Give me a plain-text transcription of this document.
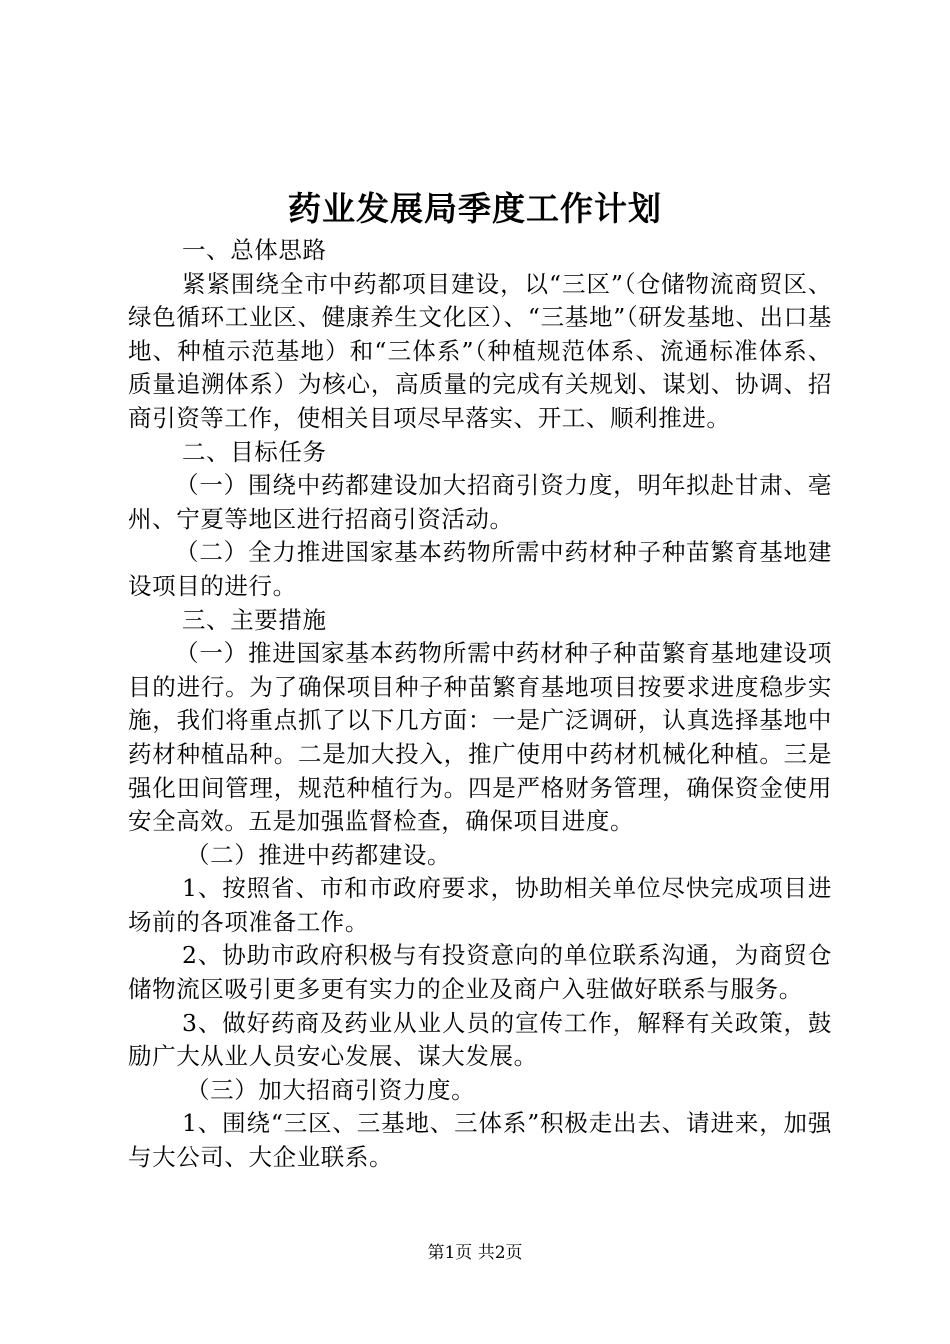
药业发展局季度工作计划

一、总体思路

紧紧围绕全市中药都项目建设，以“三区”（仓储物流商贸区、绿色循环工业区、健康养生文化区）、“三基地”（研发基地、出口基地、种植示范基地）和“三体系”（种植规范体系、流通标准体系、质量追溯体系）为核心，高质量的完成有关规划、谋划、协调、招商引资等工作，使相关目项尽早落实、开工、顺利推进。

二、目标任务

（一）围绕中药都建设加大招商引资力度，明年拟赴甘肃、亳州、宁夏等地区进行招商引资活动。

（二）全力推进国家基本药物所需中药材种子种苗繁育基地建设项目的进行。

三、主要措施

（一）推进国家基本药物所需中药材种子种苗繁育基地建设项目的进行。为了确保项目种子种苗繁育基地项目按要求进度稳步实施，我们将重点抓了以下几方面：一是广泛调研，认真选择基地中药材种植品种。二是加大投入，推广使用中药材机械化种植。三是强化田间管理，规范种植行为。四是严格财务管理，确保资金使用安全高效。五是加强监督检查，确保项目进度。

（二）推进中药都建设。

1、按照省、市和市政府要求，协助相关单位尽快完成项目进场前的各项准备工作。

2、协助市政府积极与有投资意向的单位联系沟通，为商贸仓储物流区吸引更多更有实力的企业及商户入驻做好联系与服务。

3、做好药商及药业从业人员的宣传工作，解释有关政策，鼓励广大从业人员安心发展、谋大发展。

（三）加大招商引资力度。

1、围绕“三区、三基地、三体系”积极走出去、请进来，加强与大公司、大企业联系。

第1页 共2页
